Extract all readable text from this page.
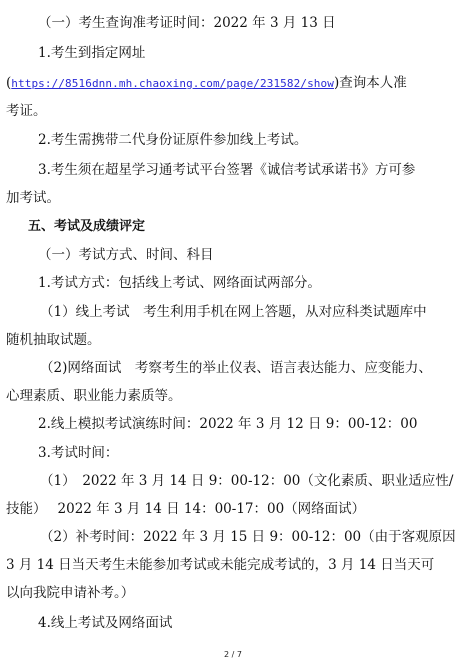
（一）考生查询准考证时间：2022 年 3 月 13 日
1.考生到指定网址
(https://8516dnn.mh.chaoxing.com/page/231582/show)查询本人准
考证。
2.考生需携带二代身份证原件参加线上考试。
3.考生须在超星学习通考试平台签署《诚信考试承诺书》方可参
加考试。
五、考试及成绩评定
（一）考试方式、时间、科目
1.考试方式：包括线上考试、网络面试两部分。
（1）线上考试　考生利用手机在网上答题，从对应科类试题库中
随机抽取试题。
（2)网络面试　考察考生的举止仪表、语言表达能力、应变能力、
心理素质、职业能力素质等。
2.线上模拟考试演练时间：2022 年 3 月 12 日 9：00-12：00
3.考试时间：
（1）　2022 年 3 月 14 日 9：00-12：00（文化素质、职业适应性/
技能）　 2022 年 3 月 14 日 14：00-17：00（网络面试）
（2）补考时间：2022 年 3 月 15 日 9：00-12：00（由于客观原因
3 月 14 日当天考生未能参加考试或未能完成考试的，3 月 14 日当天可
以向我院申请补考。）
4.线上考试及网络面试
2 / 7
